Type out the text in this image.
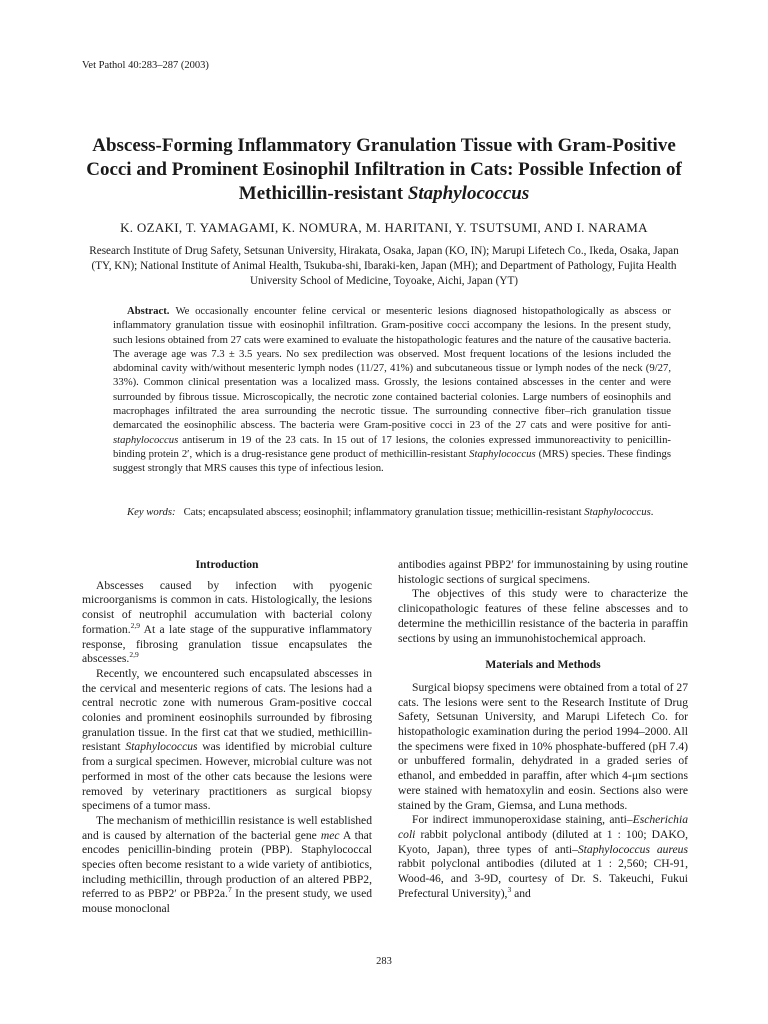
Vet Pathol 40:283–287 (2003)
Abscess-Forming Inflammatory Granulation Tissue with Gram-Positive Cocci and Prominent Eosinophil Infiltration in Cats: Possible Infection of Methicillin-resistant Staphylococcus
K. OZAKI, T. YAMAGAMI, K. NOMURA, M. HARITANI, Y. TSUTSUMI, AND I. NARAMA
Research Institute of Drug Safety, Setsunan University, Hirakata, Osaka, Japan (KO, IN); Marupi Lifetech Co., Ikeda, Osaka, Japan (TY, KN); National Institute of Animal Health, Tsukuba-shi, Ibaraki-ken, Japan (MH); and Department of Pathology, Fujita Health University School of Medicine, Toyoake, Aichi, Japan (YT)
Abstract. We occasionally encounter feline cervical or mesenteric lesions diagnosed histopathologically as abscess or inflammatory granulation tissue with eosinophil infiltration. Gram-positive cocci accompany the lesions. In the present study, such lesions obtained from 27 cats were examined to evaluate the histopathologic features and the nature of the causative bacteria. The average age was 7.3 ± 3.5 years. No sex predilection was observed. Most frequent locations of the lesions included the abdominal cavity with/without mesenteric lymph nodes (11/27, 41%) and subcutaneous tissue or lymph nodes of the neck (9/27, 33%). Common clinical presentation was a localized mass. Grossly, the lesions contained abscesses in the center and were surrounded by fibrous tissue. Microscopically, the necrotic zone contained bacterial colonies. Large numbers of eosinophils and macrophages infiltrated the area surrounding the necrotic tissue. The surrounding connective fiber–rich granulation tissue demarcated the eosinophilic abscess. The bacteria were Gram-positive cocci in 23 of the 27 cats and were positive for anti-staphylococcus antiserum in 19 of the 23 cats. In 15 out of 17 lesions, the colonies expressed immunoreactivity to penicillin-binding protein 2′, which is a drug-resistance gene product of methicillin-resistant Staphylococcus (MRS) species. These findings suggest strongly that MRS causes this type of infectious lesion.
Key words: Cats; encapsulated abscess; eosinophil; inflammatory granulation tissue; methicillin-resistant Staphylococcus.
Introduction

Abscesses caused by infection with pyogenic microorganisms is common in cats. Histologically, the lesions consist of neutrophil accumulation with bacterial colony formation.$^{2,9}$ At a late stage of the suppurative inflammatory response, fibrosing granulation tissue encapsulates the abscesses.$^{2,9}$

Recently, we encountered such encapsulated abscesses in the cervical and mesenteric regions of cats. The lesions had a central necrotic zone with numerous Gram-positive coccal colonies and prominent eosinophils surrounded by fibrosing granulation tissue. In the first cat that we studied, methicillin-resistant Staphylococcus was identified by microbial culture from a surgical specimen. However, microbial culture was not performed in most of the other cats because the lesions were removed by veterinary practitioners as surgical biopsy specimens of a tumor mass.

The mechanism of methicillin resistance is well established and is caused by alternation of the bacterial gene mec A that encodes penicillin-binding protein (PBP). Staphylococcal species often become resistant to a wide variety of antibiotics, including methicillin, through production of an altered PBP2, referred to as PBP2′ or PBP2a.$^7$ In the present study, we used mouse monoclonal

antibodies against PBP2′ for immunostaining by using routine histologic sections of surgical specimens.

The objectives of this study were to characterize the clinicopathologic features of these feline abscesses and to determine the methicillin resistance of the bacteria in paraffin sections by using an immunohistochemical approach.

Materials and Methods

Surgical biopsy specimens were obtained from a total of 27 cats. The lesions were sent to the Research Institute of Drug Safety, Setsunan University, and Marupi Lifetech Co. for histopathologic examination during the period 1994–2000. All the specimens were fixed in 10% phosphate-buffered (pH 7.4) or unbuffered formalin, dehydrated in a graded series of ethanol, and embedded in paraffin, after which 4-μm sections were stained with hematoxylin and eosin. Sections also were stained by the Gram, Giemsa, and Luna methods.

For indirect immunoperoxidase staining, anti–Escherichia coli rabbit polyclonal antibody (diluted at 1 : 100; DAKO, Kyoto, Japan), three types of anti–Staphylococcus aureus rabbit polyclonal antibodies (diluted at 1 : 2,560; CH-91, Wood-46, and 3-9D, courtesy of Dr. S. Takeuchi, Fukui Prefectural University),$^3$ and

283
